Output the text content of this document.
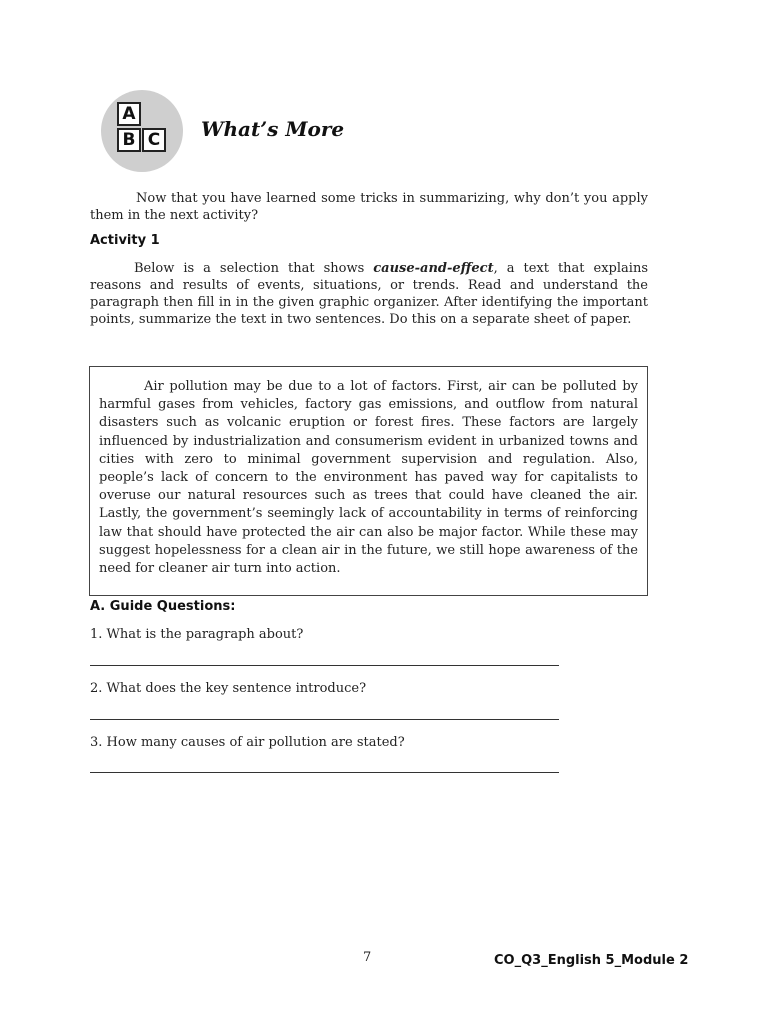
A
B C What’s More

Now that you have learned some tricks in summarizing, why don’t you apply them in the next activity?

Activity 1

Below is a selection that shows cause-and-effect, a text that explains reasons and results of events, situations, or trends. Read and understand the paragraph then fill in in the given graphic organizer. After identifying the important points, summarize the text in two sentences. Do this on a separate sheet of paper.

Air pollution may be due to a lot of factors. First, air can be polluted by harmful gases from vehicles, factory gas emissions, and outflow from natural disasters such as volcanic eruption or forest fires. These factors are largely influenced by industrialization and consumerism evident in urbanized towns and cities with zero to minimal government supervision and regulation. Also, people’s lack of concern to the environment has paved way for capitalists to overuse our natural resources such as trees that could have cleaned the air. Lastly, the government’s seemingly lack of accountability in terms of reinforcing law that should have protected the air can also be major factor. While these may suggest hopelessness for a clean air in the future, we still hope awareness of the need for cleaner air turn into action.

A. Guide Questions:

1. What is the paragraph about?

2. What does the key sentence introduce?

3. How many causes of air pollution are stated?

7	CO_Q3_English 5_Module 2
